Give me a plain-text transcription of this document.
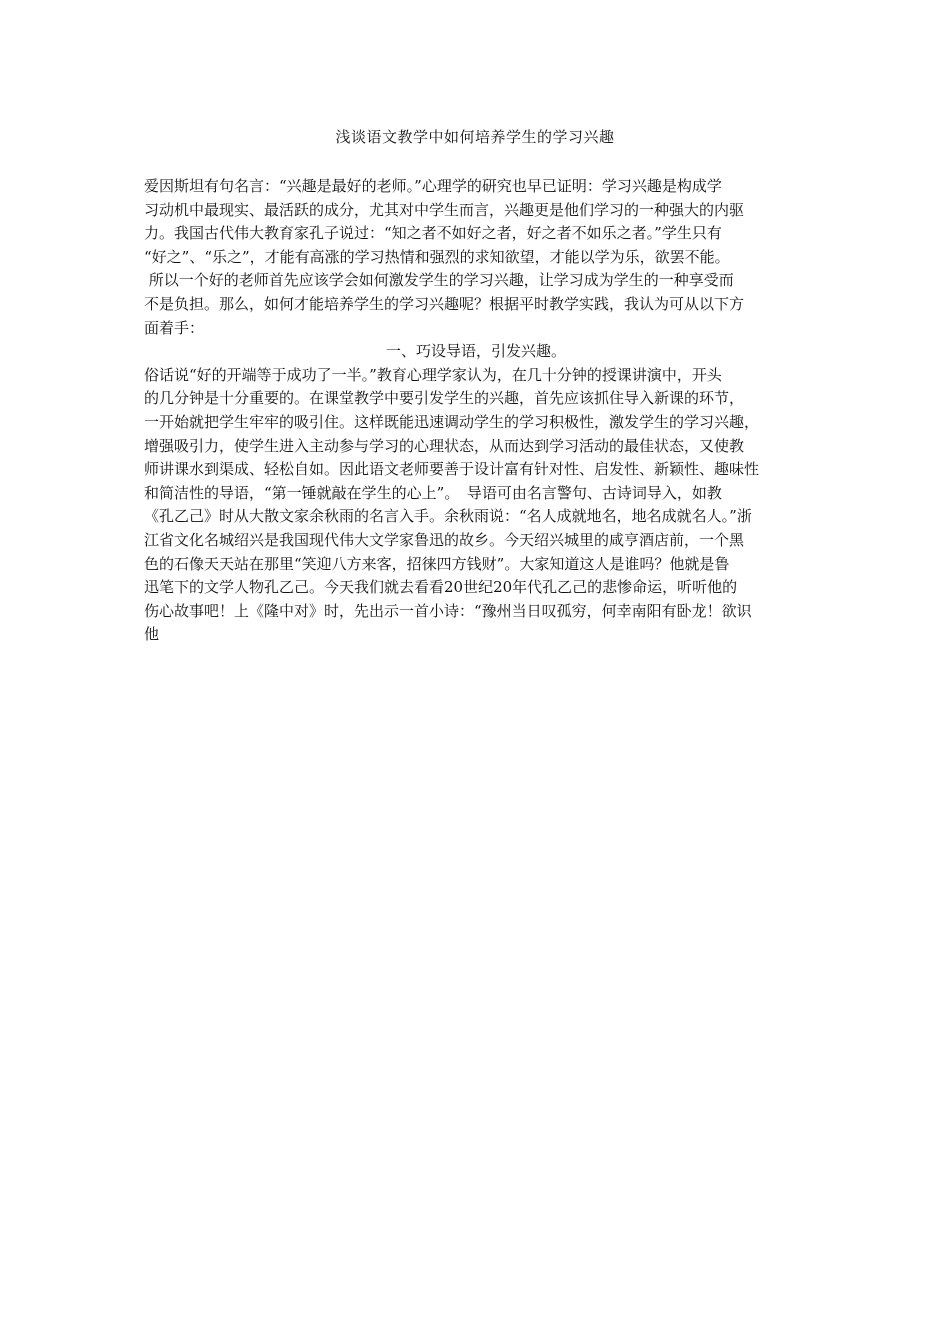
浅谈语文教学中如何培养学生的学习兴趣
爱因斯坦有句名言：“兴趣是最好的老师。”心理学的研究也早已证明：学习兴趣是构成学
习动机中最现实、最活跃的成分，尤其对中学生而言，兴趣更是他们学习的一种强大的内驱
力。我国古代伟大教育家孔子说过：“知之者不如好之者，好之者不如乐之者。”学生只有
“好之”、“乐之”，才能有高涨的学习热情和强烈的求知欲望，才能以学为乐，欲罢不能。
所以一个好的老师首先应该学会如何激发学生的学习兴趣，让学习成为学生的一种享受而
不是负担。那么，如何才能培养学生的学习兴趣呢？根据平时教学实践，我认为可从以下方
面着手：
一、巧设导语，引发兴趣。
俗话说“好的开端等于成功了一半。”教育心理学家认为，在几十分钟的授课讲演中，开头
的几分钟是十分重要的。在课堂教学中要引发学生的兴趣，首先应该抓住导入新课的环节，
一开始就把学生牢牢的吸引住。这样既能迅速调动学生的学习积极性，激发学生的学习兴趣，
增强吸引力，使学生进入主动参与学习的心理状态，从而达到学习活动的最佳状态，又使教
师讲课水到渠成、轻松自如。因此语文老师要善于设计富有针对性、启发性、新颖性、趣味性
和简洁性的导语，“第一锤就敲在学生的心上”。　导语可由名言警句、古诗词导入，如教
《孔乙己》时从大散文家余秋雨的名言入手。余秋雨说：“名人成就地名，地名成就名人。”浙
江省文化名城绍兴是我国现代伟大文学家鲁迅的故乡。今天绍兴城里的咸亨酒店前，一个黑
色的石像天天站在那里“笑迎八方来客，招徕四方钱财”。大家知道这人是谁吗？他就是鲁
迅笔下的文学人物孔乙己。今天我们就去看看20世纪20年代孔乙己的悲惨命运，听听他的
伤心故事吧！上《隆中对》时，先出示一首小诗：“豫州当日叹孤穷，何幸南阳有卧龙！欲识
他
